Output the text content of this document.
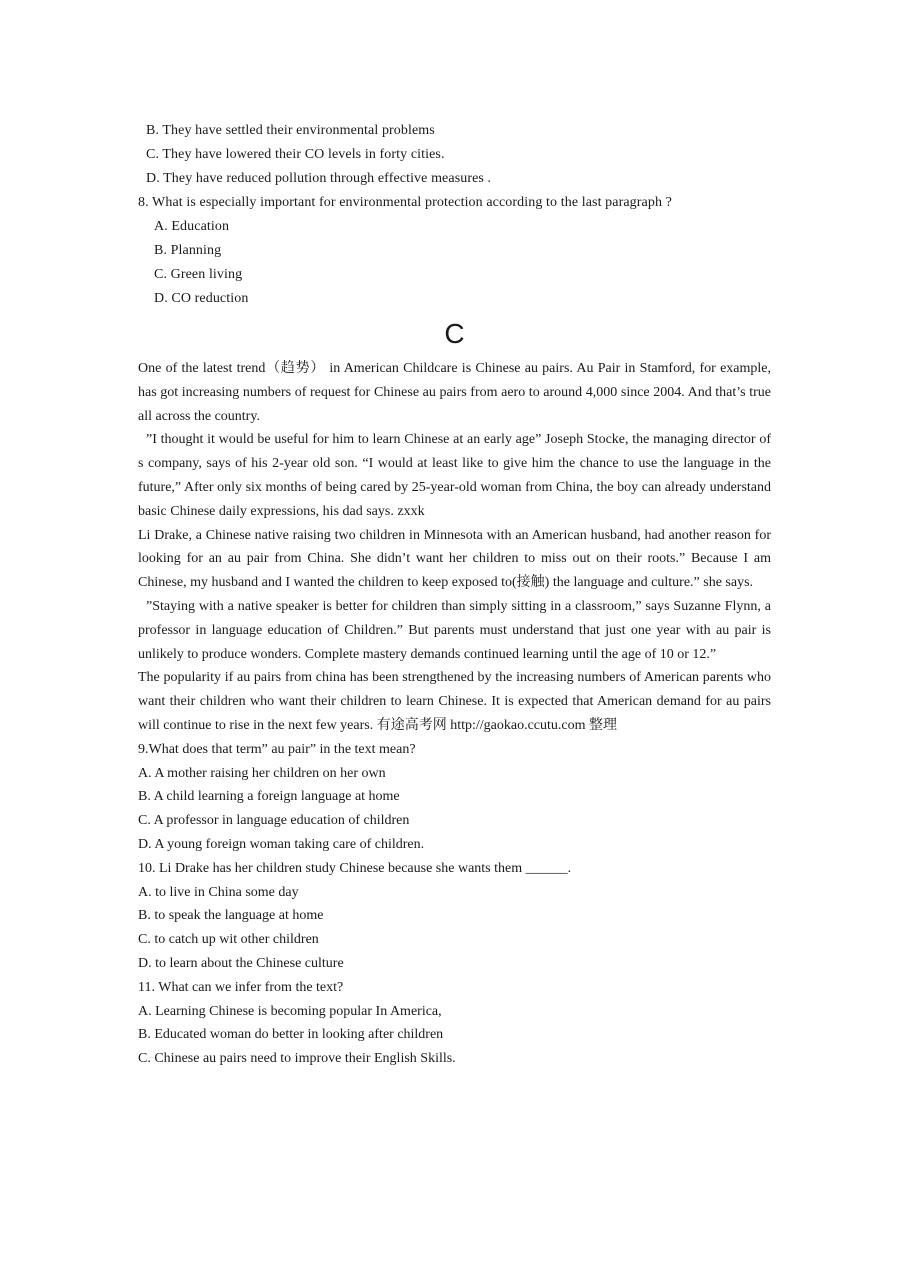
B. They have settled their environmental problems
C. They have lowered their CO levels in forty cities.
D. They have reduced pollution through effective measures .
8. What is especially important for environmental protection according to the last paragraph ?
A. Education
B. Planning
C. Green living
D. CO reduction
C

One of the latest trend（趋势） in American Childcare is Chinese au pairs. Au Pair in Stamford, for example, has got increasing numbers of request for Chinese au pairs from aero to around 4,000 since 2004. And that’s true all across the country.

”I thought it would be useful for him to learn Chinese at an early age” Joseph Stocke, the managing director of s company, says of his 2-year old son. “I would at least like to give him the chance to use the language in the future,” After only six months of being cared by 25-year-old woman from China, the boy can already understand basic Chinese daily expressions, his dad says. zxxk

Li Drake, a Chinese native raising two children in Minnesota with an American husband, had another reason for looking for an au pair from China. She didn’t want her children to miss out on their roots.” Because I am Chinese, my husband and I wanted the children to keep exposed to(接触) the language and culture.” she says.

”Staying with a native speaker is better for children than simply sitting in a classroom,” says Suzanne Flynn, a professor in language education of Children.” But parents must understand that just one year with au pair is unlikely to produce wonders. Complete mastery demands continued learning until the age of 10 or 12.”

The popularity if au pairs from china has been strengthened by the increasing numbers of American parents who want their children who want their children to learn Chinese. It is expected that American demand for au pairs will continue to rise in the next few years. 有途高考网 http://gaokao.ccutu.com 整理

9.What does that term” au pair” in the text mean?
A. A mother raising her children on her own
B. A child learning a foreign language at home
C. A professor in language education of children
D. A young foreign woman taking care of children.
10. Li Drake has her children study Chinese because she wants them ______.
A. to live in China some day
B. to speak the language at home
C. to catch up wit other children
D. to learn about the Chinese culture
11. What can we infer from the text?
A. Learning Chinese is becoming popular In America,
B. Educated woman do better in looking after children
C. Chinese au pairs need to improve their English Skills.
